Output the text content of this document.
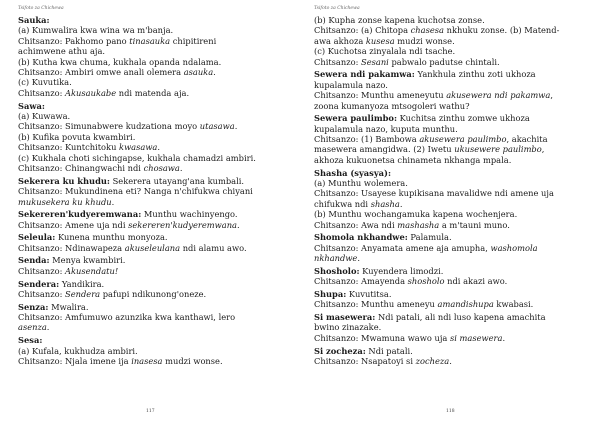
Tsifoto za Chichewa
Sauka:
(a) Kumwalira kwa wina wa m'banja.
Chitsanzo: Pakhomo pano tinasauka chipitireni
achimwene athu aja.
(b) Kutha kwa chuma, kukhala opanda ndalama.
Chitsanzo: Ambiri omwe anali olemera asauka.
(c) Kuvutika.
Chitsanzo: Akusaukabe ndi matenda aja.
Sawa:
(a) Kuwawa.
Chitsanzo: Simunabwere kudzationa moyo utasawa.
(b) Kufika povuta kwambiri.
Chitsanzo: Kuntchitoku kwasawa.
(c) Kukhala choti sichingapse, kukhala chamadzi ambiri.
Chitsanzo: Chinangwachi ndi chosawa.
Sekerera ku khudu: Sekerera utayang'ana kumbali.
Chitsanzo: Mukundinena eti? Nanga n'chifukwa chiyani
mukusekera ku khudu.
Sekereren'kudyeremwana: Munthu wachinyengo.
Chitsanzo: Amene uja ndi sekereren'kudyeremwana.
Seleula: Kunena munthu monyoza.
Chitsanzo: Ndinawapeza akuseleulana ndi alamu awo.
Senda: Menya kwambiri.
Chitsanzo: Akusendatu!
Sendera: Yandikira.
Chitsanzo: Sendera pafupi ndikunong'oneze.
Senza: Mwalira.
Chitsanzo: Amfumuwo azunzika kwa kanthawi, lero
asenza.
Sesa:
(a) Kufala, kukhudza ambiri.
Chitsanzo: Njala imene ija inasesa mudzi wonse.
117
Tsifoto za Chichewa
(b) Kupha zonse kapena kuchotsa zonse.
Chitsanzo: (a) Chitopa chasesa nkhuku zonse. (b) Matend-
awa akhoza kusesa mudzi wonse.
(c) Kuchotsa zinyalala ndi tsache.
Chitsanzo: Sesani pabwalo padutse chintali.
Sewera ndi pakamwa: Yankhula zinthu zoti ukhoza
kupalamula nazo.
Chitsanzo: Munthu ameneyutu akusewera ndi pakamwa,
zoona kumanyoza mtsogoleri wathu?
Sewera paulimbo: Kuchitsa zinthu zomwe ukhoza
kupalamula nazo, kuputa munthu.
Chitsanzo: (1) Bambowa akusewera paulimbo, akachita
masewera amangidwa. (2) Iwetu ukusewere paulimbo,
akhoza kukuonetsa chinameta nkhanga mpala.
Shasha (syasya):
(a) Munthu wolemera.
Chitsanzo: Usayese kupikisana mavalidwe ndi amene uja
chifukwa ndi shasha.
(b) Munthu wochangamuka kapena wochenjera.
Chitsanzo: Awa ndi mashasha a m'tauni muno.
Shomola nkhandwe: Palamula.
Chitsanzo: Anyamata amene aja amupha, washomola
nkhandwe.
Shosholo: Kuyendera limodzi.
Chitsanzo: Amayenda shosholo ndi akazi awo.
Shupa: Kuvutitsa.
Chitsanzo: Munthu ameneyu amandishupa kwabasi.
Si masewera: Ndi patali, ali ndi luso kapena amachita
bwino zinazake.
Chitsanzo: Mwamuna wawo uja si masewera.
Si zocheza: Ndi patali.
Chitsanzo: Nsapatoyi si zocheza.
118
